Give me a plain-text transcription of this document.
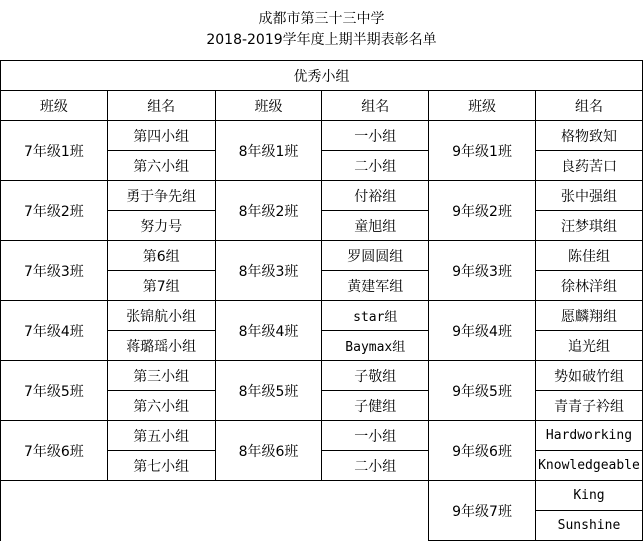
成都市第三十三中学
2018-2019学年度上期半期表彰名单
优秀小组					
班级	组名	班级	组名	班级	组名
7年级1班	第四小组	8年级1班	一小组	9年级1班	格物致知
	第六小组		二小组		良药苦口
7年级2班	勇于争先组	8年级2班	付裕组	9年级2班	张中强组
	努力号		童旭组		汪梦琪组
7年级3班	第6组	8年级3班	罗圆圆组	9年级3班	陈佳组
	第7组		黄建军组		徐林洋组
7年级4班	张锦航小组	8年级4班	star组	9年级4班	愿麟翔组
	蒋璐瑶小组		Baymax组		追光组
7年级5班	第三小组	8年级5班	子敬组	9年级5班	势如破竹组
	第六小组		子健组		青青子衿组
7年级6班	第五小组	8年级6班	一小组	9年级6班	Hardworking
	第七小组		二小组		Knowledgeable
				9年级7班	King
					Sunshine
